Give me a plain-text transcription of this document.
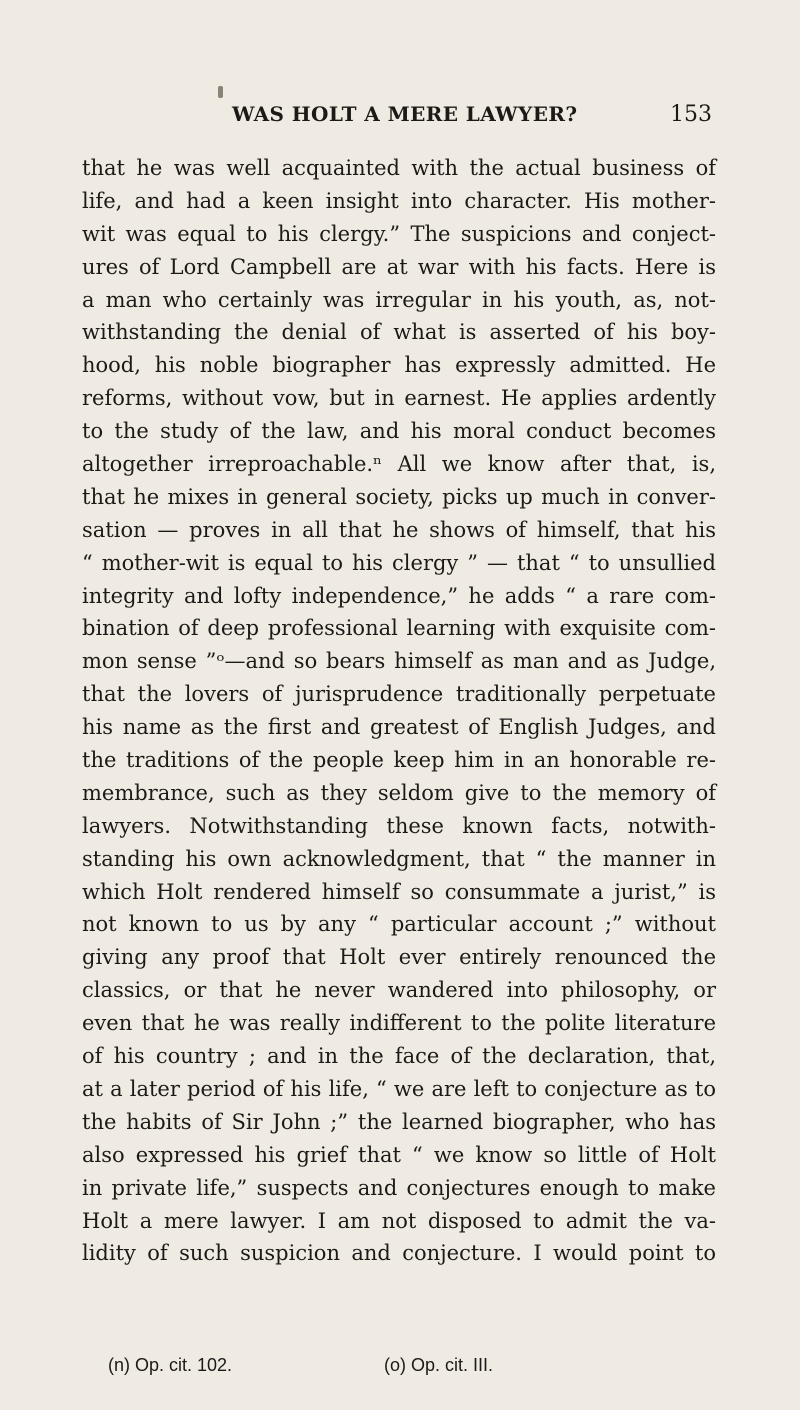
WAS HOLT A MERE LAWYER?	153
that he was well acquainted with the actual business of
life, and had a keen insight into character. His mother-
wit was equal to his clergy.” The suspicions and conject-
ures of Lord Campbell are at war with his facts. Here is
a man who certainly was irregular in his youth, as, not-
withstanding the denial of what is asserted of his boy-
hood, his noble biographer has expressly admitted. He
reforms, without vow, but in earnest. He applies ardently
to the study of the law, and his moral conduct becomes
altogether irreproachable.ⁿ All we know after that, is,
that he mixes in general society, picks up much in conver-
sation — proves in all that he shows of himself, that his
“ mother-wit is equal to his clergy ” — that “ to unsullied
integrity and lofty independence,” he adds “ a rare com-
bination of deep professional learning with exquisite com-
mon sense ”ᵒ—and so bears himself as man and as Judge,
that the lovers of jurisprudence traditionally perpetuate
his name as the first and greatest of English Judges, and
the traditions of the people keep him in an honorable re-
membrance, such as they seldom give to the memory of
lawyers. Notwithstanding these known facts, notwith-
standing his own acknowledgment, that “ the manner in
which Holt rendered himself so consummate a jurist,” is
not known to us by any “ particular account ;” without
giving any proof that Holt ever entirely renounced the
classics, or that he never wandered into philosophy, or
even that he was really indifferent to the polite literature
of his country ; and in the face of the declaration, that,
at a later period of his life, “ we are left to conjecture as to
the habits of Sir John ;” the learned biographer, who has
also expressed his grief that “ we know so little of Holt
in private life,” suspects and conjectures enough to make
Holt a mere lawyer. I am not disposed to admit the va-
lidity of such suspicion and conjecture. I would point to
(n) Op. cit. 102.	(o) Op. cit. III.
